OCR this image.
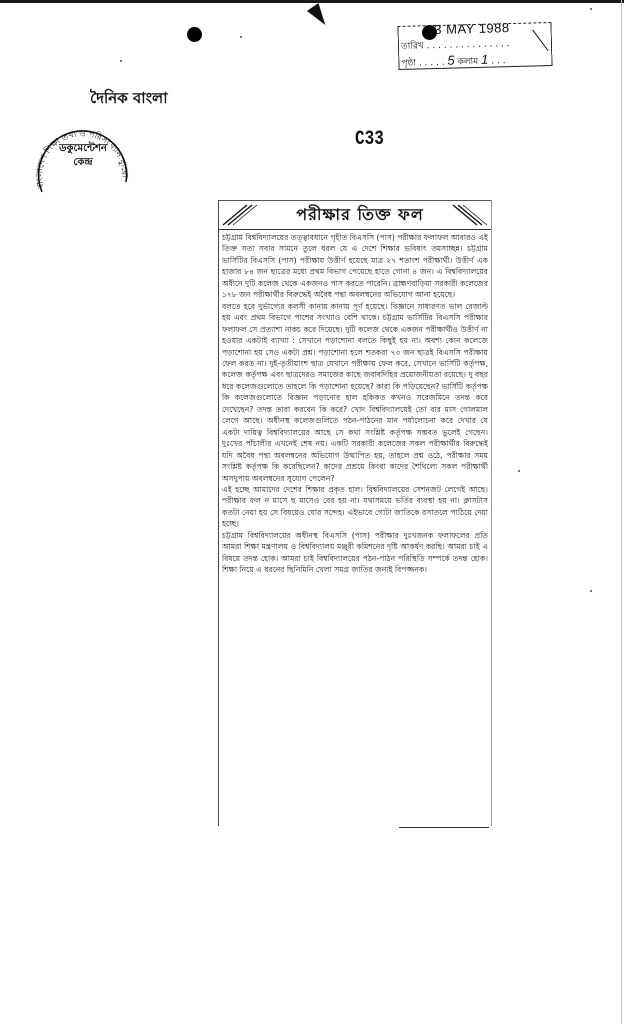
13 MAY 1988
তারিখ . . . . . . . . . . . . . . .
পৃষ্ঠা . . . . . 5 কলাম 1 . . .
দৈনিক বাংলা
বাংলাদেশ শিক্ষা তথ্য ও পরিসংখ্যান ব্যুরো
ডকুমেন্টেশন
কেন্দ্র
C33
পরীক্ষার তিক্ত ফল

চট্টগ্রাম বিশ্ববিদ্যালয়ের তত্ত্বাবধানে গৃহীত বিএসসি (পাস) পরীক্ষার ফলাফল আবারও এই তিক্ত সত্য সবার সামনে তুলে ধরল যে এ দেশে শিক্ষার ভবিষ্যৎ তমসাচ্ছন্ন। চট্টগ্রাম ভার্সিটির বিএসসি (পাস) পরীক্ষায় উত্তীর্ণ হয়েছে মাত্র ২৭ শতাংশ পরীক্ষার্থী। উত্তীর্ণ এক হাজার ৮৪ জন ছাত্রের মধ্যে প্রথম বিভাগ পেয়েছে হাতে গোনা ৪ জন। এ বিশ্ববিদ্যালয়ের অধীনে দুটি কলেজ থেকে একজনও পাস করতে পারেনি। ব্রাহ্মণবাড়িয়া সরকারী কলেজের ১৭৮ জন পরীক্ষার্থীর বিরুদ্ধেই অবৈধ পন্থা অবলম্বনের অভিযোগ আনা হয়েছে।

বলতে হবে দুর্ভাগ্যের কলসী কানায় কানায় পূর্ণ হয়েছে। বিজ্ঞানে সাধারণত ভাল রেজাল্ট হয় এবং প্রথম বিভাগে পাশের সংখ্যাও বেশি থাকে। চট্টগ্রাম ভার্সিটির বিএসসি পরীক্ষার ফলাফল সে প্রত্যাশা নাকচ করে দিয়েছে। দুটি কলেজ থেকে একজন পরীক্ষার্থীও উত্তীর্ণ না হওয়ার একটাই ব্যাখ্যা : সেখানে পড়াশোনা বলতে কিছুই হয় না। অবশ্য কোন কলেজে পড়াশোনা হয় সেও একটা প্রশ্ন। পড়াশোনা হলে শতকরা ৭৩ জন ছাত্রই বিএসসি পরীক্ষায় ফেল করত না। দুই-তৃতীয়াংশ ছাত্র যেখানে পরীক্ষায় ফেল করে, সেখানে ভার্সিটি কর্তৃপক্ষ, কলেজ কর্তৃপক্ষ এবং ছাত্রদেরও সমাজের কাছে জবাবদিহির প্রয়োজনীয়তা রয়েছে। দু বছর ধরে কলেজগুলোতে তাহলে কি পড়াশোনা হয়েছে? কারা কি পড়িয়েছেন? ভার্সিটি কর্তৃপক্ষ কি কলেজগুলোতে বিজ্ঞান পড়ানোর হাল হকিকত কখনও সরেজমিনে তদন্ত করে দেখেছেন? তদন্ত তারা করবেন কি করে? খোদ বিশ্ববিদ্যালয়েই তো বার মাস গোলমাল লেগে আছে। অধীনস্থ কলেজগুলিতে পঠন-পাঠনের মান পর্যালোচনা করে দেখার যে একটা দায়িত্ব বিশ্ববিদ্যালয়ের আছে সে কথা সংশ্লিষ্ট কর্তৃপক্ষ সম্ভবত ভুলেই গেছেন। দুঃখের পাঁচালীর এখনেই শেষ নয়। একটি সরকারী কলেজের সকল পরীক্ষার্থীর বিরুদ্ধেই যদি অবৈধ পন্থা অবলম্বনের অভিযোগ উত্থাপিত হয়, তাহলে প্রশ্ন ওঠে, পরীক্ষার সময় সংশ্লিষ্ট কর্তৃপক্ষ কি করেছিলেন? কাদের প্রশ্রয়ে কিংবা কাদের শৈথিল্যে সকল পরীক্ষার্থী অসদুপায় অবলম্বনের সুযোগ পেলেন?

এই হচ্ছে আমাদের দেশের শিক্ষার প্রকৃত হাল। বিশ্ববিদ্যালয়ের সেশনজট লেগেই আছে। পরীক্ষার ফল ন মাসে ছ মাসেও বের হয় না। যথাসময়ে ভর্তির ব্যবস্থা হয় না। ক্লাসটাস কতটা নেয়া হয় সে বিষয়েও ঘোর সন্দেহ। এইভাবে গোটা জাতিকে রসাতলে পাঠিয়ে দেয়া হচ্ছে।

চট্টগ্রাম বিশ্ববিদ্যালয়ের অধীনস্থ বিএসসি (পাস) পরীক্ষার দুঃখজনক ফলাফলের প্রতি আমরা শিক্ষা মন্ত্রণালয় ও বিশ্ববিদ্যালয় মঞ্জুরী কমিশনের দৃষ্টি আকর্ষণ করছি। আমরা চাই এ বিষয়ে তদন্ত হোক। আমরা চাই বিশ্ববিদ্যালয়ের পঠন-পাঠন পরিস্থিতি সম্পর্কে তদন্ত হোক। শিক্ষা নিয়ে এ ধরনের ছিনিমিনি খেলা সমগ্র জাতির জন্যই বিপজ্জনক।
